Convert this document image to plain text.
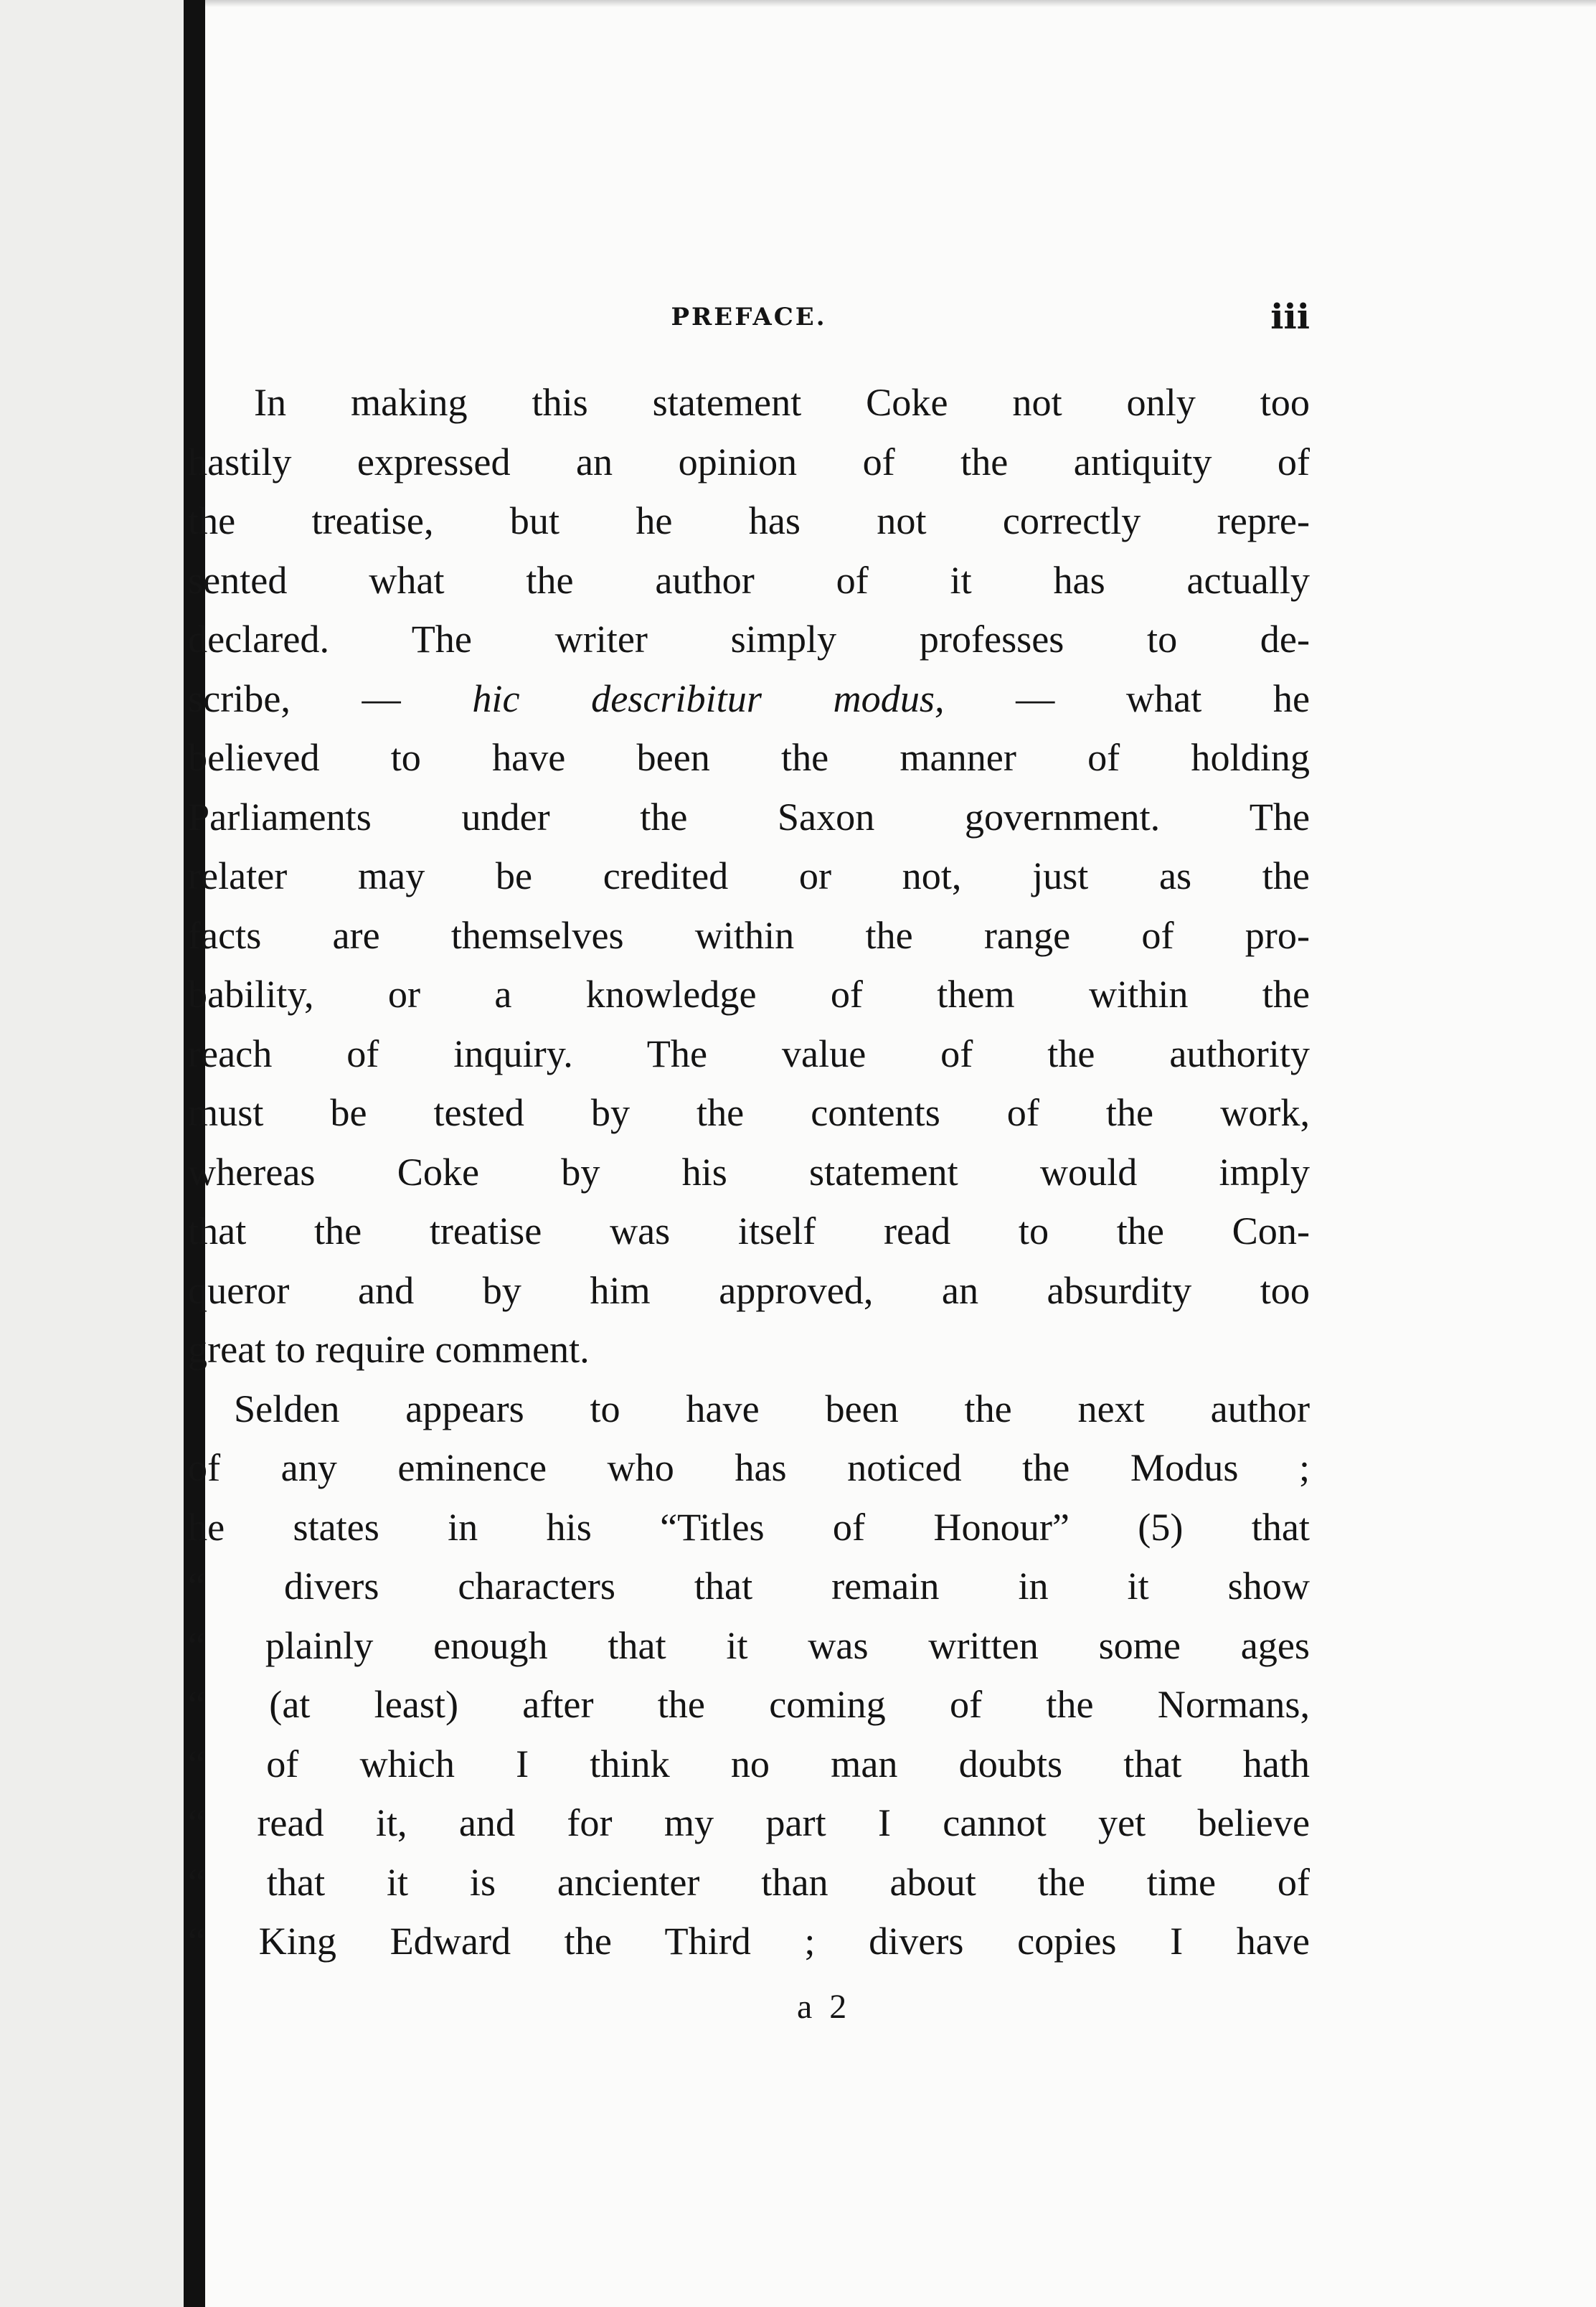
PREFACE.	iii
In making this statement Coke not only too
hastily expressed an opinion of the antiquity of
the treatise, but he has not correctly repre-
sented what the author of it has actually
declared. The writer simply professes to de-
scribe, — hic describitur modus, — what he
believed to have been the manner of holding
Parliaments under the Saxon government. The
relater may be credited or not, just as the
facts are themselves within the range of pro-
bability, or a knowledge of them within the
reach of inquiry. The value of the authority
must be tested by the contents of the work,
whereas Coke by his statement would imply
that the treatise was itself read to the Con-
queror and by him approved, an absurdity too
great to require comment.
Selden appears to have been the next author
of any eminence who has noticed the Modus ;
he states in his “Titles of Honour” (5) that
“ divers characters that remain in it show
“ plainly enough that it was written some ages
“ (at least) after the coming of the Normans,
“ of which I think no man doubts that hath
“ read it, and for my part I cannot yet believe
“ that it is ancienter than about the time of
“ King Edward the Third ; divers copies I have
a 2
